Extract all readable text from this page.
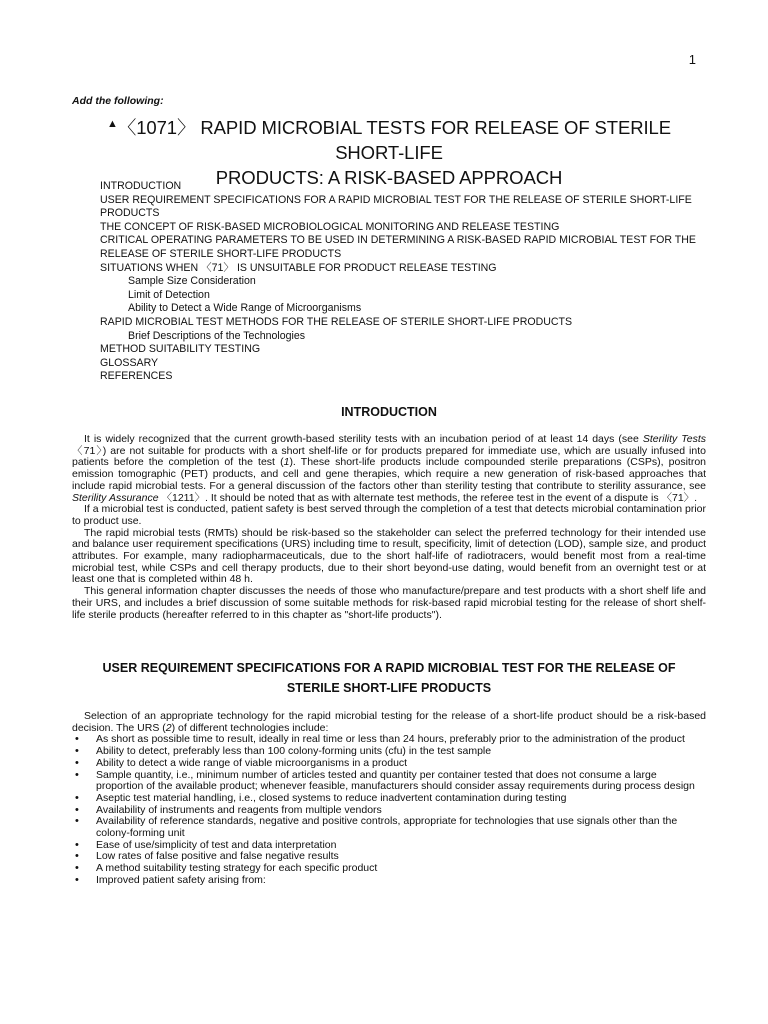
1
Add the following:
▲〈1071〉 RAPID MICROBIAL TESTS FOR RELEASE OF STERILE SHORT-LIFE
PRODUCTS: A RISK-BASED APPROACH
INTRODUCTION
USER REQUIREMENT SPECIFICATIONS FOR A RAPID MICROBIAL TEST FOR THE RELEASE OF STERILE SHORT-LIFE PRODUCTS
THE CONCEPT OF RISK-BASED MICROBIOLOGICAL MONITORING AND RELEASE TESTING
CRITICAL OPERATING PARAMETERS TO BE USED IN DETERMINING A RISK-BASED RAPID MICROBIAL TEST FOR THE RELEASE OF STERILE SHORT-LIFE PRODUCTS
SITUATIONS WHEN 〈71〉 IS UNSUITABLE FOR PRODUCT RELEASE TESTING
Sample Size Consideration
Limit of Detection
Ability to Detect a Wide Range of Microorganisms
RAPID MICROBIAL TEST METHODS FOR THE RELEASE OF STERILE SHORT-LIFE PRODUCTS
Brief Descriptions of the Technologies
METHOD SUITABILITY TESTING
GLOSSARY
REFERENCES
INTRODUCTION

It is widely recognized that the current growth-based sterility tests with an incubation period of at least 14 days (see Sterility Tests 〈71〉) are not suitable for products with a short shelf-life or for products prepared for immediate use, which are usually infused into patients before the completion of the test (1). These short-life products include compounded sterile preparations (CSPs), positron emission tomographic (PET) products, and cell and gene therapies, which require a new generation of risk-based approaches that include rapid microbial tests. For a general discussion of the factors other than sterility testing that contribute to sterility assurance, see Sterility Assurance 〈1211〉. It should be noted that as with alternate test methods, the referee test in the event of a dispute is 〈71〉.

If a microbial test is conducted, patient safety is best served through the completion of a test that detects microbial contamination prior to product use.

The rapid microbial tests (RMTs) should be risk-based so the stakeholder can select the preferred technology for their intended use and balance user requirement specifications (URS) including time to result, specificity, limit of detection (LOD), sample size, and product attributes. For example, many radiopharmaceuticals, due to the short half-life of radiotracers, would benefit most from a real-time microbial test, while CSPs and cell therapy products, due to their short beyond-use dating, would benefit from an overnight test or at least one that is completed within 48 h.

This general information chapter discusses the needs of those who manufacture/prepare and test products with a short shelf life and their URS, and includes a brief discussion of some suitable methods for risk-based rapid microbial testing for the release of short shelf-life sterile products (hereafter referred to in this chapter as "short-life products").

USER REQUIREMENT SPECIFICATIONS FOR A RAPID MICROBIAL TEST FOR THE RELEASE OF
STERILE SHORT-LIFE PRODUCTS

Selection of an appropriate technology for the rapid microbial testing for the release of a short-life product should be a risk-based decision. The URS (2) of different technologies include:

• As short as possible time to result, ideally in real time or less than 24 hours, preferably prior to the administration of the product
• Ability to detect, preferably less than 100 colony-forming units (cfu) in the test sample
• Ability to detect a wide range of viable microorganisms in a product
• Sample quantity, i.e., minimum number of articles tested and quantity per container tested that does not consume a large proportion of the available product; whenever feasible, manufacturers should consider assay requirements during process design
• Aseptic test material handling, i.e., closed systems to reduce inadvertent contamination during testing
• Availability of instruments and reagents from multiple vendors
• Availability of reference standards, negative and positive controls, appropriate for technologies that use signals other than the colony-forming unit
• Ease of use/simplicity of test and data interpretation
• Low rates of false positive and false negative results
• A method suitability testing strategy for each specific product
• Improved patient safety arising from:
